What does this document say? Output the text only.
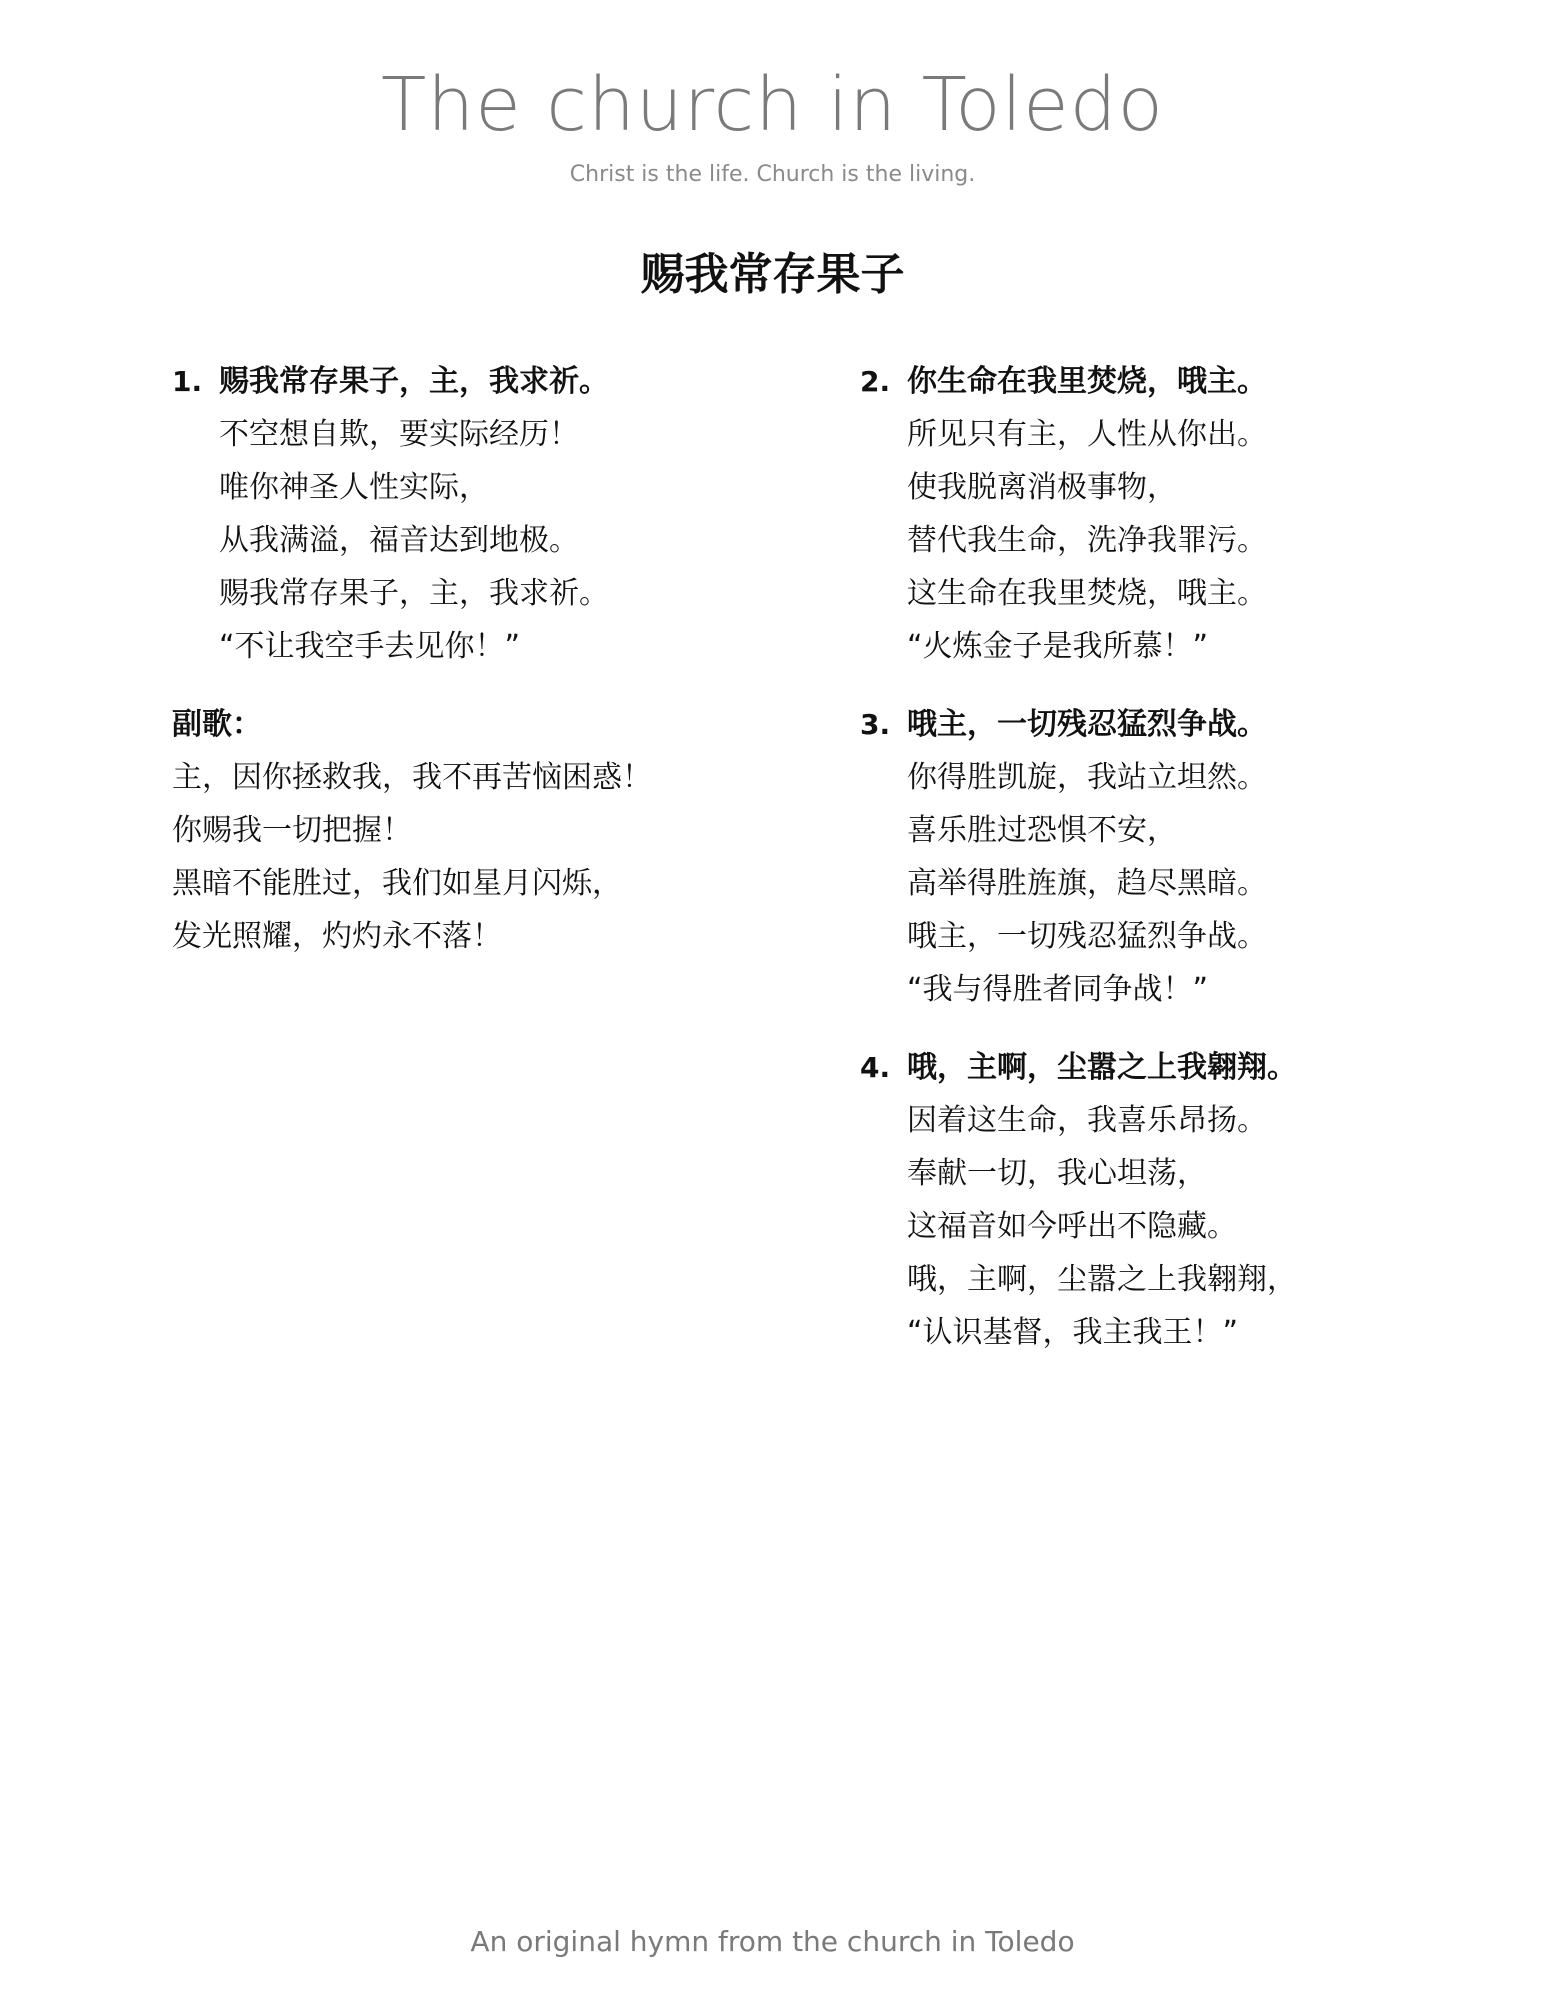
The church in Toledo
Christ is the life. Church is the living.
赐我常存果子
1. 赐我常存果子，主，我求祈。
不空想自欺，要实际经历！
唯你神圣人性实际，
从我满溢，福音达到地极。
赐我常存果子，主，我求祈。
“不让我空手去见你！”
副歌：
主，因你拯救我，我不再苦恼困惑！
你赐我一切把握！
黑暗不能胜过，我们如星月闪烁，
发光照耀，灼灼永不落！
2. 你生命在我里焚烧，哦主。
所见只有主，人性从你出。
使我脱离消极事物，
替代我生命，洗净我罪污。
这生命在我里焚烧，哦主。
“火炼金子是我所慕！”
3. 哦主，一切残忍猛烈争战。
你得胜凯旋，我站立坦然。
喜乐胜过恐惧不安，
高举得胜旌旗，趋尽黑暗。
哦主，一切残忍猛烈争战。
“我与得胜者同争战！”
4. 哦，主啊，尘嚣之上我翱翔。
因着这生命，我喜乐昂扬。
奉献一切，我心坦荡，
这福音如今呼出不隐藏。
哦，主啊，尘嚣之上我翱翔，
“认识基督，我主我王！”
An original hymn from the church in Toledo
